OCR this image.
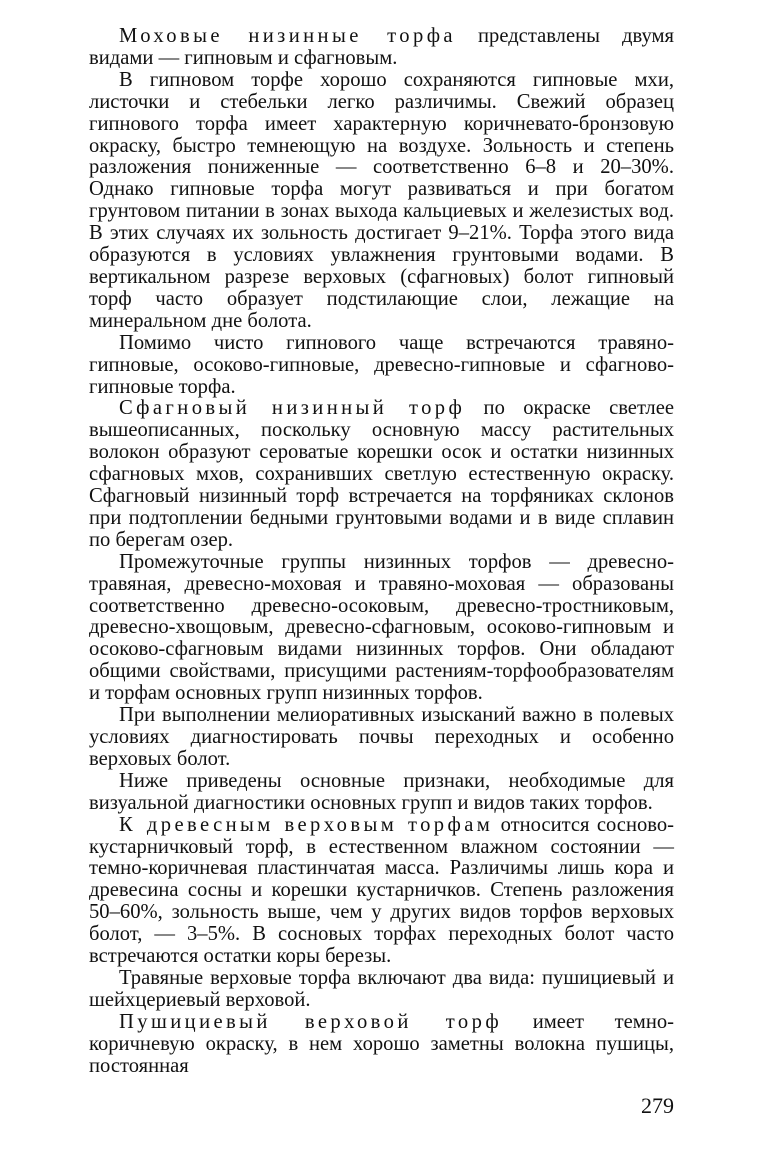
Моховые низинные торфа представлены двумя видами — гипновым и сфагновым.

В гипновом торфе хорошо сохраняются гипновые мхи, листочки и стебельки легко различимы. Свежий образец гипнового торфа имеет характерную коричневато-бронзовую окраску, быстро темнеющую на воздухе. Зольность и степень разложения пониженные — соответственно 6–8 и 20–30%. Однако гипновые торфа могут развиваться и при богатом грунтовом питании в зонах выхода кальциевых и железистых вод. В этих случаях их зольность достигает 9–21%. Торфа этого вида образуются в условиях увлажнения грунтовыми водами. В вертикальном разрезе верховых (сфагновых) болот гипновый торф часто образует подстилающие слои, лежащие на минеральном дне болота.

Помимо чисто гипнового чаще встречаются травяно-гипновые, осоково-гипновые, древесно-гипновые и сфагново-гипновые торфа.

Сфагновый низинный торф по окраске светлее вышеописанных, поскольку основную массу растительных волокон образуют сероватые корешки осок и остатки низинных сфагновых мхов, сохранивших светлую естественную окраску. Сфагновый низинный торф встречается на торфяниках склонов при подтоплении бедными грунтовыми водами и в виде сплавин по берегам озер.

Промежуточные группы низинных торфов — древесно-травяная, древесно-моховая и травяно-моховая — образованы соответственно древесно-осоковым, древесно-тростниковым, древесно-хвощовым, древесно-сфагновым, осоково-гипновым и осоково-сфагновым видами низинных торфов. Они обладают общими свойствами, присущими растениям-торфообразователям и торфам основных групп низинных торфов.

При выполнении мелиоративных изысканий важно в полевых условиях диагностировать почвы переходных и особенно верховых болот.

Ниже приведены основные признаки, необходимые для визуальной диагностики основных групп и видов таких торфов.

К древесным верховым торфам относится сосново-кустарничковый торф, в естественном влажном состоянии — темно-коричневая пластинчатая масса. Различимы лишь кора и древесина сосны и корешки кустарничков. Степень разложения 50–60%, зольность выше, чем у других видов торфов верховых болот, — 3–5%. В сосновых торфах переходных болот часто встречаются остатки коры березы.

Травяные верховые торфа включают два вида: пушициевый и шейхцериевый верховой.

Пушициевый верховой торф имеет темно-коричневую окраску, в нем хорошо заметны волокна пушицы, постоянная

279
